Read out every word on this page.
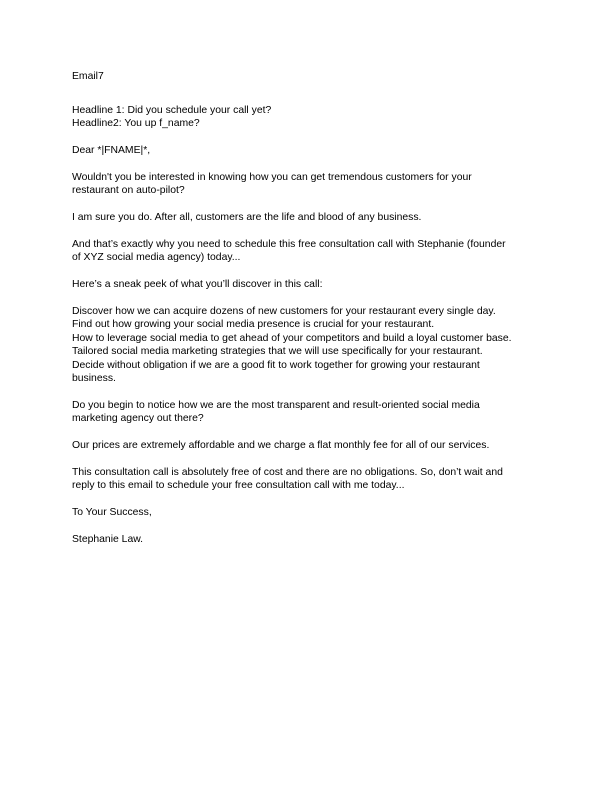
Email7

Headline 1: Did you schedule your call yet?

Headline2: You up f_name?

Dear *|FNAME|*,

Wouldn't you be interested in knowing how you can get tremendous customers for your
restaurant on auto-pilot?

I am sure you do. After all, customers are the life and blood of any business.

And that’s exactly why you need to schedule this free consultation call with Stephanie (founder
of XYZ social media agency) today...

Here’s a sneak peek of what you’ll discover in this call:

Discover how we can acquire dozens of new customers for your restaurant every single day.
Find out how growing your social media presence is crucial for your restaurant.
How to leverage social media to get ahead of your competitors and build a loyal customer base.
Tailored social media marketing strategies that we will use specifically for your restaurant.
Decide without obligation if we are a good fit to work together for growing your restaurant
business.

Do you begin to notice how we are the most transparent and result-oriented social media
marketing agency out there?

Our prices are extremely affordable and we charge a flat monthly fee for all of our services.

This consultation call is absolutely free of cost and there are no obligations. So, don’t wait and
reply to this email to schedule your free consultation call with me today...

To Your Success,

Stephanie Law.
